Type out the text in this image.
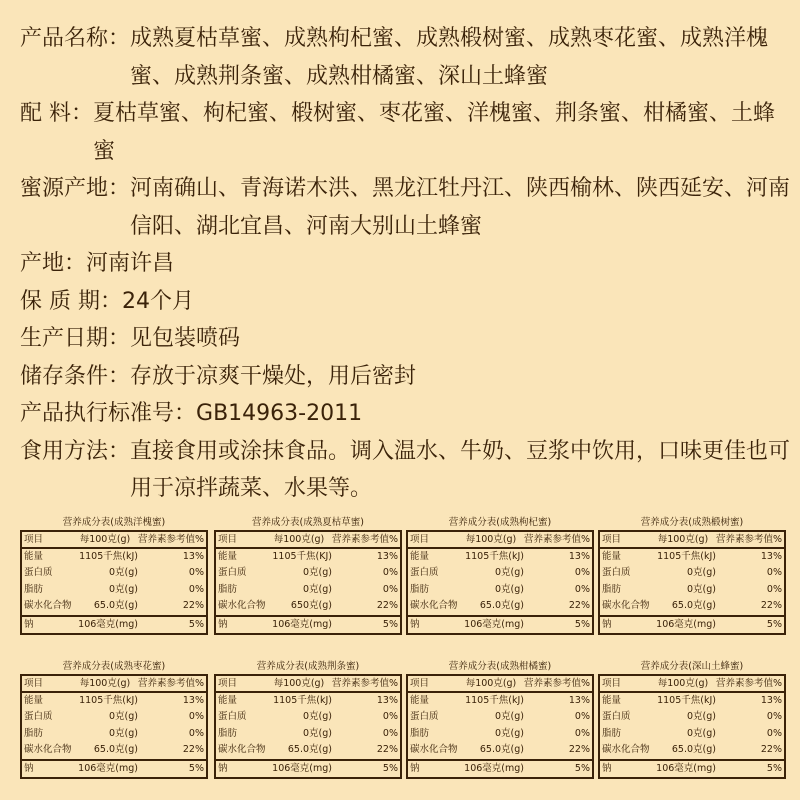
产品名称： 成熟夏枯草蜜、成熟枸杞蜜、成熟椴树蜜、成熟枣花蜜、成熟洋槐蜜、成熟荆条蜜、成熟柑橘蜜、深山土蜂蜜
配 料： 夏枯草蜜、枸杞蜜、椴树蜜、枣花蜜、洋槐蜜、荆条蜜、柑橘蜜、土蜂蜜
蜜源产地： 河南确山、青海诺木洪、黑龙江牡丹江、陕西榆林、陕西延安、河南信阳、湖北宜昌、河南大别山土蜂蜜
产地： 河南许昌
保 质 期： 24个月
生产日期： 见包装喷码
储存条件： 存放于凉爽干燥处，用后密封
产品执行标准号： GB14963-2011
食用方法： 直接食用或涂抹食品。调入温水、牛奶、豆浆中饮用，口味更佳也可用于凉拌蔬菜、水果等。
营养成分表(成熟洋槐蜜)
项目	每100克(g) 营养素参考值%
能量	1105千焦(kJ)	13%
蛋白质	0克(g)	0%
脂肪	0克(g)	0%
碳水化合物	65.0克(g)	22%
钠	106毫克(mg)	5%
营养成分表(成熟夏枯草蜜)
项目	每100克(g) 营养素参考值%
能量	1105千焦(KJ)	13%
蛋白质	0克(g)	0%
脂肪	0克(g)	0%
碳水化合物	650克(g)	22%
钠	106毫克(mg)	5%
营养成分表(成熟枸杞蜜)
项目	每100克(g) 营养素参考值%
能量	1105千焦(kJ)	13%
蛋白质	0克(g)	0%
脂肪	0克(g)	0%
碳水化合物	65.0克(g)	22%
钠	106毫克(mg)	5%
营养成分表(成熟椴树蜜)
项目	每100克(g) 营养素参考值%
能量	1105千焦(kJ)	13%
蛋白质	0克(g)	0%
脂肪	0克(g)	0%
碳水化合物	65.0克(g)	22%
钠	106毫克(mg)	5%
营养成分表(成熟枣花蜜)
项目	每100克(g) 营养素参考值%
能量	1105千焦(kJ)	13%
蛋白质	0克(g)	0%
脂肪	0克(g)	0%
碳水化合物	65.0克(g)	22%
钠	106毫克(mg)	5%
营养成分表(成熟荆条蜜)
项目	每100克(g) 营养素参考值%
能量	1105千焦(kJ)	13%
蛋白质	0克(g)	0%
脂肪	0克(g)	0%
碳水化合物	65.0克(g)	22%
钠	106毫克(mg)	5%
营养成分表(成熟柑橘蜜)
项目	每100克(g) 营养素参考值%
能量	1105千焦(kJ)	13%
蛋白质	0克(g)	0%
脂肪	0克(g)	0%
碳水化合物	65.0克(g)	22%
钠	106毫克(mg)	5%
营养成分表(深山土蜂蜜)
项目	每100克(g) 营养素参考值%
能量	1105千焦(kJ)	13%
蛋白质	0克(g)	0%
脂肪	0克(g)	0%
碳水化合物	65.0克(g)	22%
钠	106毫克(mg)	5%
